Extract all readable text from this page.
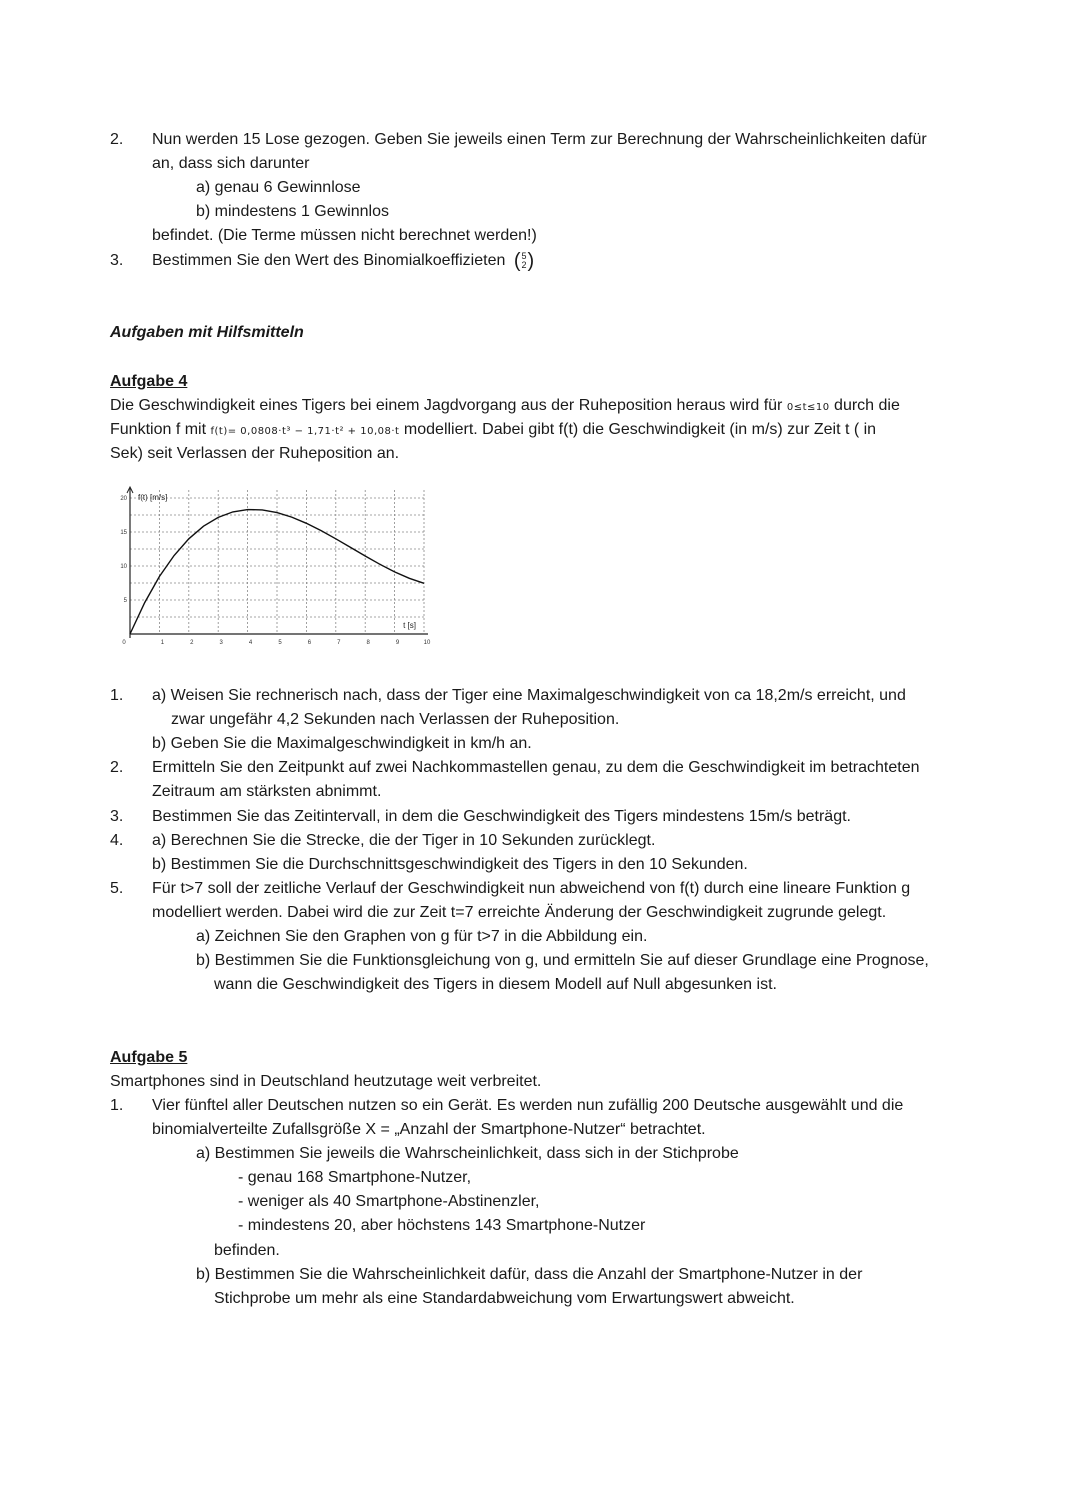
2. Nun werden 15 Lose gezogen. Geben Sie jeweils einen Term zur Berechnung der Wahrscheinlichkeiten dafür
an, dass sich darunter
a) genau 6 Gewinnlose
b) mindestens 1 Gewinnlos
befindet. (Die Terme müssen nicht berechnet werden!)
3. Bestimmen Sie den Wert des Binomialkoeffizieten ( 5
2 )
Aufgaben mit Hilfsmitteln
Aufgabe 4
Die Geschwindigkeit eines Tigers bei einem Jagdvorgang aus der Ruheposition heraus wird für 0≤t≤10 durch die
Funktion f mit f(t)= 0,0808·t³ − 1,71·t² + 10,08·t modelliert. Dabei gibt f(t) die Geschwindigkeit (in m/s) zur Zeit t ( in
Sek) seit Verlassen der Ruheposition an.
0	1	2	3	4	5	6	7	8	9	10
5
10
15
20 f(t) [m/s]
t [s]
1. a) Weisen Sie rechnerisch nach, dass der Tiger eine Maximalgeschwindigkeit von ca 18,2m/s erreicht, und
zwar ungefähr 4,2 Sekunden nach Verlassen der Ruheposition.
b) Geben Sie die Maximalgeschwindigkeit in km/h an.
2. Ermitteln Sie den Zeitpunkt auf zwei Nachkommastellen genau, zu dem die Geschwindigkeit im betrachteten
Zeitraum am stärksten abnimmt.
3. Bestimmen Sie das Zeitintervall, in dem die Geschwindigkeit des Tigers mindestens 15m/s beträgt.
4. a) Berechnen Sie die Strecke, die der Tiger in 10 Sekunden zurücklegt.
b) Bestimmen Sie die Durchschnittsgeschwindigkeit des Tigers in den 10 Sekunden.
5. Für t>7 soll der zeitliche Verlauf der Geschwindigkeit nun abweichend von f(t) durch eine lineare Funktion g
modelliert werden. Dabei wird die zur Zeit t=7 erreichte Änderung der Geschwindigkeit zugrunde gelegt.
a) Zeichnen Sie den Graphen von g für t>7 in die Abbildung ein.
b) Bestimmen Sie die Funktionsgleichung von g, und ermitteln Sie auf dieser Grundlage eine Prognose,
wann die Geschwindigkeit des Tigers in diesem Modell auf Null abgesunken ist.
Aufgabe 5
Smartphones sind in Deutschland heutzutage weit verbreitet.
1. Vier fünftel aller Deutschen nutzen so ein Gerät. Es werden nun zufällig 200 Deutsche ausgewählt und die
binomialverteilte Zufallsgröße X = „Anzahl der Smartphone-Nutzer“ betrachtet.
a) Bestimmen Sie jeweils die Wahrscheinlichkeit, dass sich in der Stichprobe
- genau 168 Smartphone-Nutzer,
- weniger als 40 Smartphone-Abstinenzler,
- mindestens 20, aber höchstens 143 Smartphone-Nutzer
befinden.
b) Bestimmen Sie die Wahrscheinlichkeit dafür, dass die Anzahl der Smartphone-Nutzer in der
Stichprobe um mehr als eine Standardabweichung vom Erwartungswert abweicht.
